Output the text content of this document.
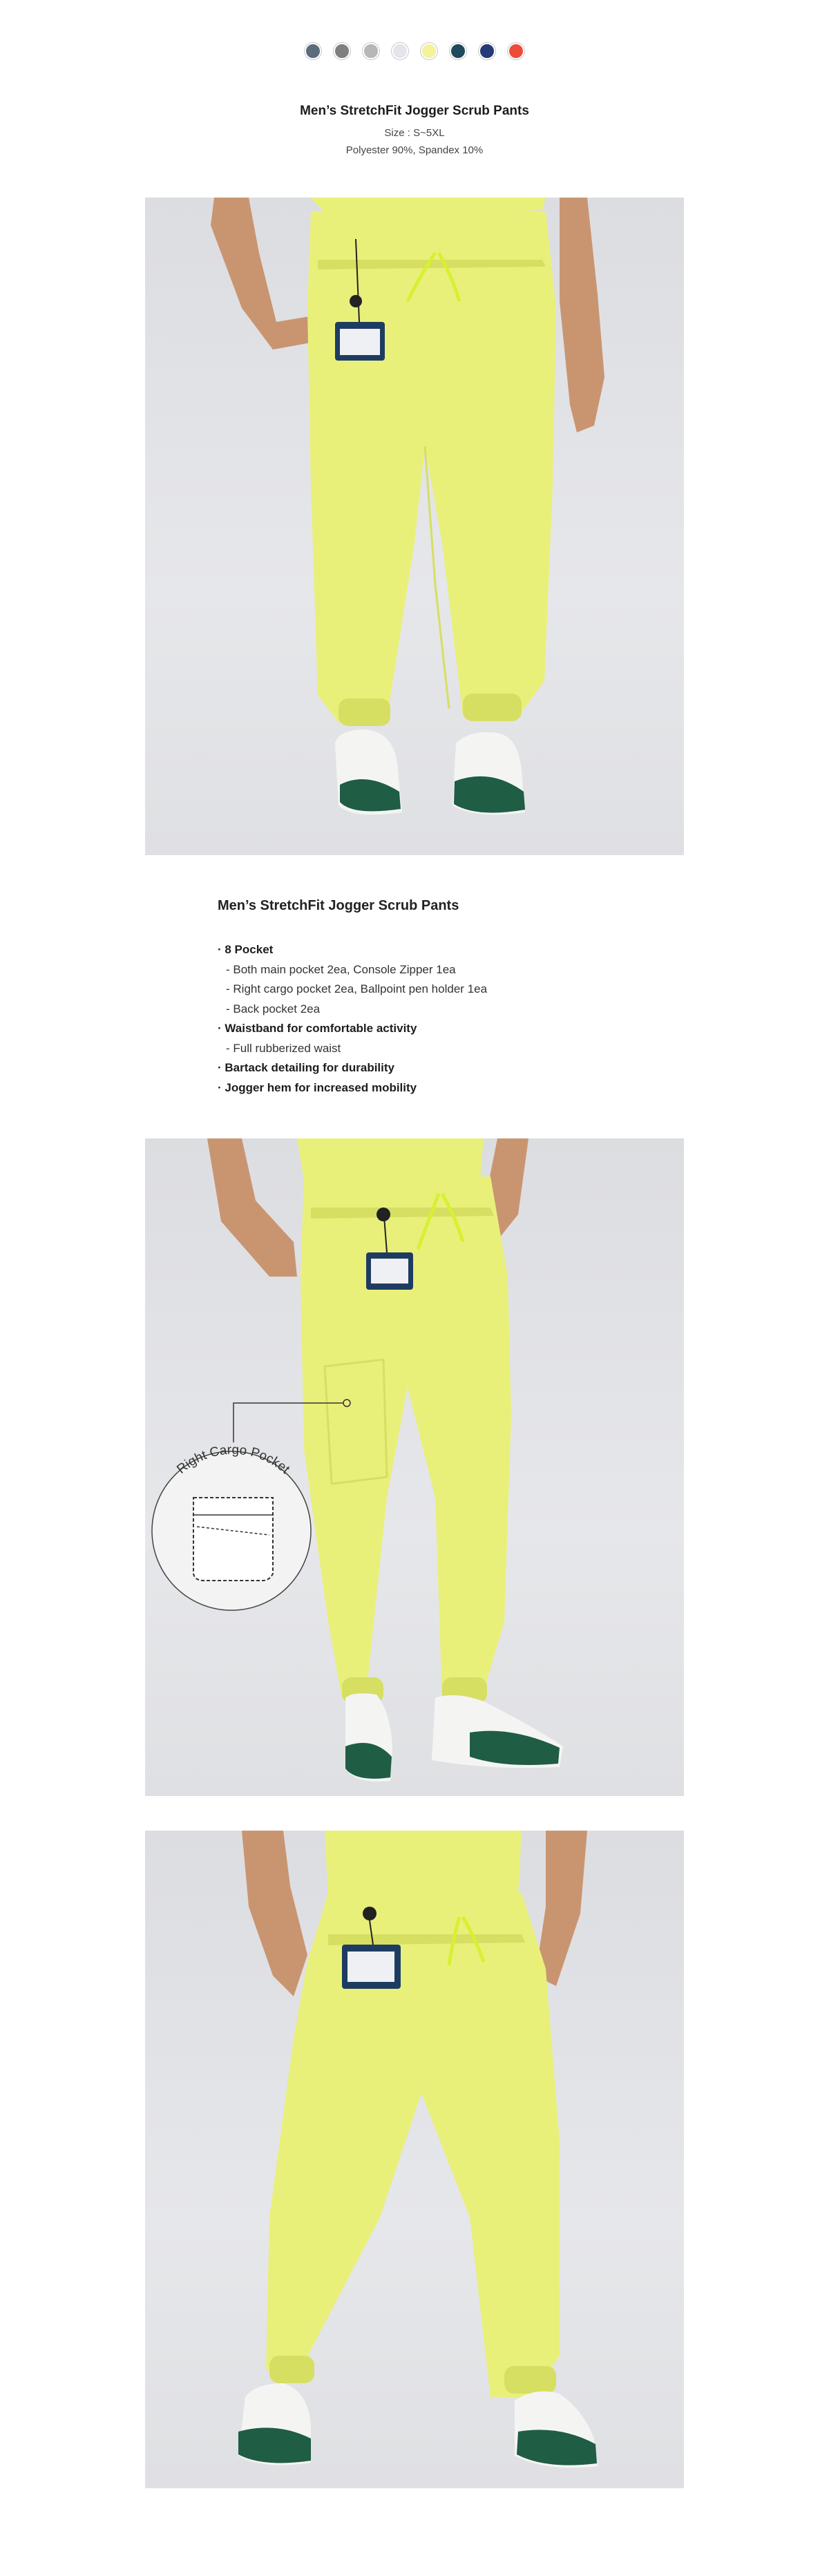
Men’s StretchFit Jogger Scrub Pants
Size : S~5XL
Polyester 90%, Spandex 10%
Men’s StretchFit Jogger Scrub Pants
· 8 Pocket
- Both main pocket 2ea, Console Zipper 1ea
- Right cargo pocket 2ea, Ballpoint pen holder 1ea
- Back pocket 2ea
· Waistband for comfortable activity
- Full rubberized waist
· Bartack detailing for durability
· Jogger hem for increased mobility
Right Cargo Pocket
